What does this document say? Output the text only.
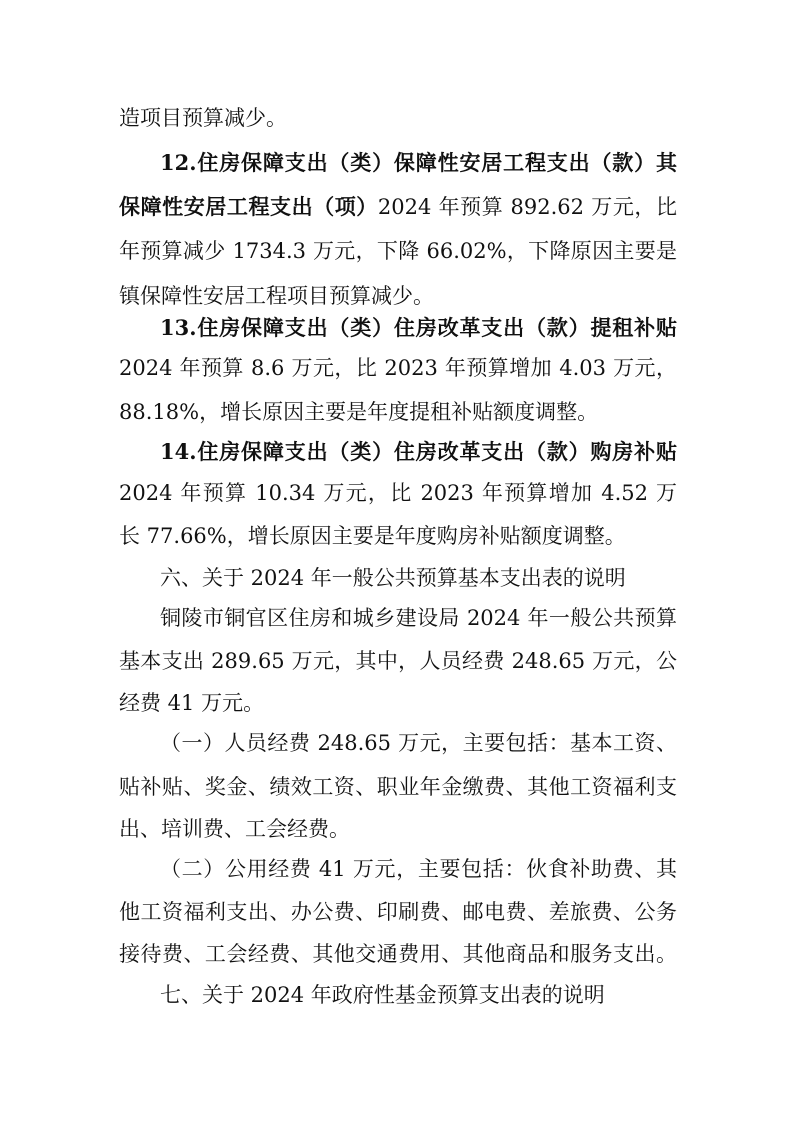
造项目预算减少。
12.住房保障支出（类）保障性安居工程支出（款）其
保障性安居工程支出（项）2024 年预算 892.62 万元，比
年预算减少 1734.3 万元，下降 66.02%，下降原因主要是
镇保障性安居工程项目预算减少。
13.住房保障支出（类）住房改革支出（款）提租补贴
2024 年预算 8.6 万元，比 2023 年预算增加 4.03 万元，
88.18%，增长原因主要是年度提租补贴额度调整。
14.住房保障支出（类）住房改革支出（款）购房补贴
2024 年预算 10.34 万元，比 2023 年预算增加 4.52 万
长 77.66%，增长原因主要是年度购房补贴额度调整。
六、关于 2024 年一般公共预算基本支出表的说明
铜陵市铜官区住房和城乡建设局 2024 年一般公共预算
基本支出 289.65 万元，其中，人员经费 248.65 万元，公
经费 41 万元。
（一）人员经费 248.65 万元，主要包括：基本工资、
贴补贴、奖金、绩效工资、职业年金缴费、其他工资福利支
出、培训费、工会经费。
（二）公用经费 41 万元，主要包括：伙食补助费、其
他工资福利支出、办公费、印刷费、邮电费、差旅费、公务
接待费、工会经费、其他交通费用、其他商品和服务支出。
七、关于 2024 年政府性基金预算支出表的说明
